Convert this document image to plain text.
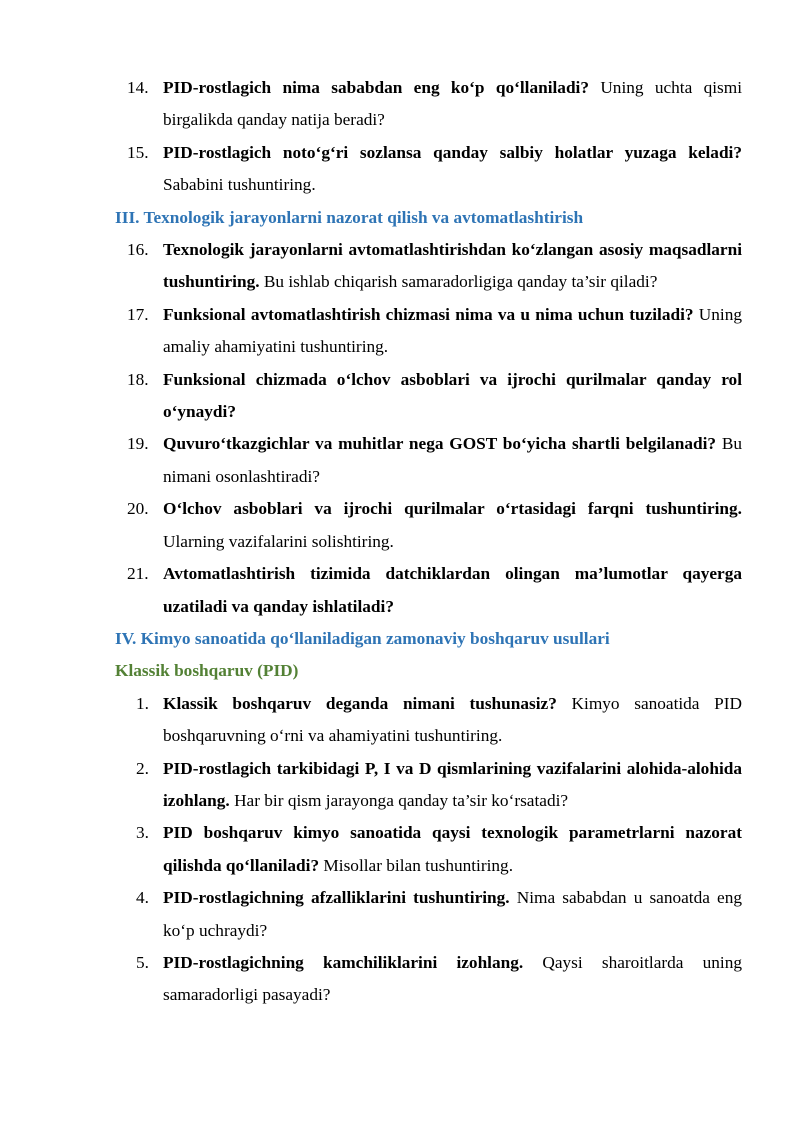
14. PID-rostlagich nima sababdan eng ko‘p qo‘llaniladi? Uning uchta qismi birgalikda qanday natija beradi?
15. PID-rostlagich noto‘g‘ri sozlansa qanday salbiy holatlar yuzaga keladi? Sababini tushuntiring.
III. Texnologik jarayonlarni nazorat qilish va avtomatlashtirish
16. Texnologik jarayonlarni avtomatlashtirishdan ko‘zlangan asosiy maqsadlarni tushuntiring. Bu ishlab chiqarish samaradorligiga qanday ta’sir qiladi?
17. Funksional avtomatlashtirish chizmasi nima va u nima uchun tuziladi? Uning amaliy ahamiyatini tushuntiring.
18. Funksional chizmada o‘lchov asboblari va ijrochi qurilmalar qanday rol o‘ynaydi?
19. Quvuro‘tkazgichlar va muhitlar nega GOST bo‘yicha shartli belgilanadi? Bu nimani osonlashtiradi?
20. O‘lchov asboblari va ijrochi qurilmalar o‘rtasidagi farqni tushuntiring. Ularning vazifalarini solishtiring.
21. Avtomatlashtirish tizimida datchiklardan olingan ma’lumotlar qayerga uzatiladi va qanday ishlatiladi?
IV. Kimyo sanoatida qo‘llaniladigan zamonaviy boshqaruv usullari
Klassik boshqaruv (PID)
1. Klassik boshqaruv deganda nimani tushunasiz? Kimyo sanoatida PID boshqaruvning o‘rni va ahamiyatini tushuntiring.
2. PID-rostlagich tarkibidagi P, I va D qismlarining vazifalarini alohida-alohida izohlang. Har bir qism jarayonga qanday ta’sir ko‘rsatadi?
3. PID boshqaruv kimyo sanoatida qaysi texnologik parametrlarni nazorat qilishda qo‘llaniladi? Misollar bilan tushuntiring.
4. PID-rostlagichning afzalliklarini tushuntiring. Nima sababdan u sanoatda eng ko‘p uchraydi?
5. PID-rostlagichning kamchiliklarini izohlang. Qaysi sharoitlarda uning samaradorligi pasayadi?
